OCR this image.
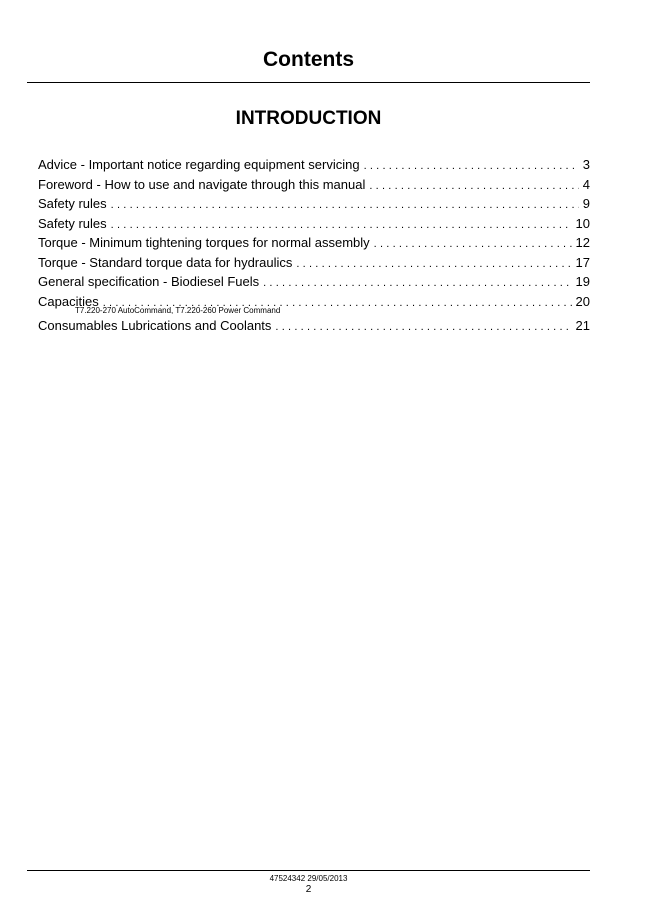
Contents
INTRODUCTION
Advice - Important notice regarding equipment servicing . . .	3
Foreword - How to use and navigate through this manual . . .	4
Safety rules . . .	9
Safety rules . . .	10
Torque - Minimum tightening torques for normal assembly . . .	12
Torque - Standard torque data for hydraulics . . .	17
General specification - Biodiesel Fuels . . .	19
Capacities . . .	20
T7.220-270 AutoCommand, T7.220-260 Power Command
Consumables Lubrications and Coolants . . .	21
47524342 29/05/2013
2
